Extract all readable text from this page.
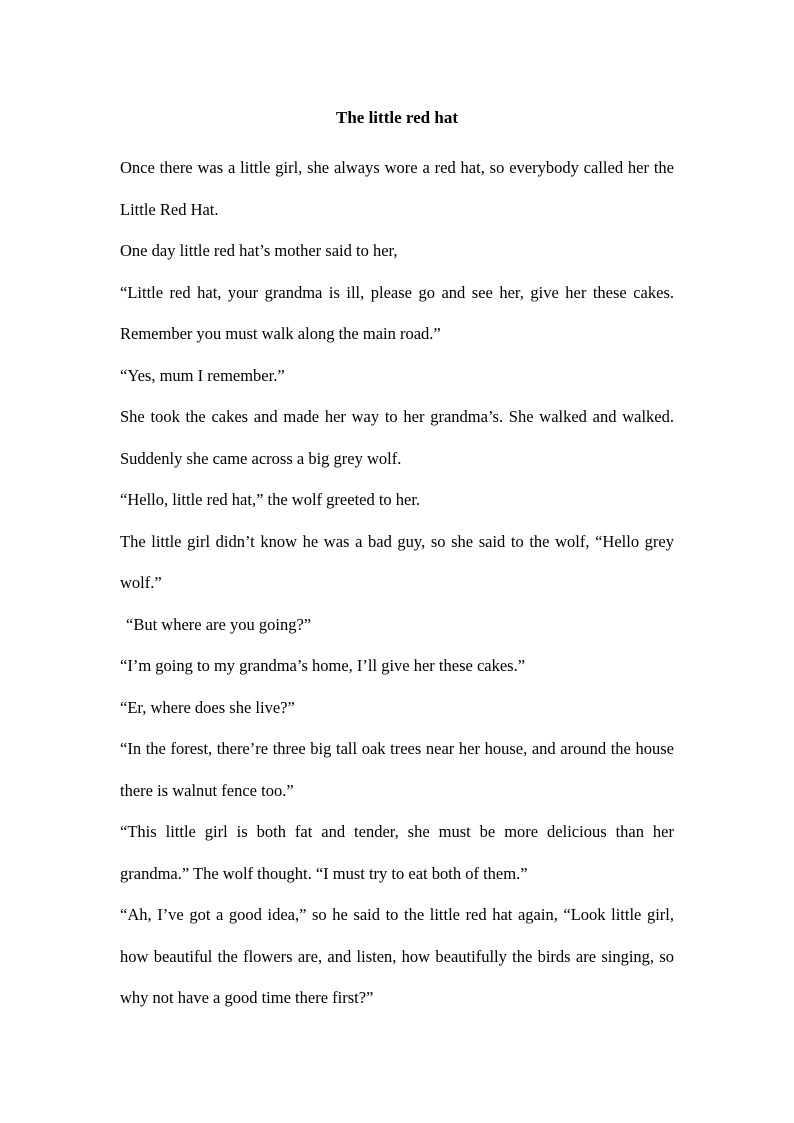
The little red hat

Once there was a little girl, she always wore a red hat, so everybody called her the Little Red Hat.

One day little red hat’s mother said to her,

“Little red hat, your grandma is ill, please go and see her, give her these cakes. Remember you must walk along the main road.”

“Yes, mum I remember.”

She took the cakes and made her way to her grandma’s. She walked and walked. Suddenly she came across a big grey wolf.

“Hello, little red hat,” the wolf greeted to her.

The little girl didn’t know he was a bad guy, so she said to the wolf, “Hello grey wolf.”

“But where are you going?”

“I’m going to my grandma’s home, I’ll give her these cakes.”

“Er, where does she live?”

“In the forest, there’re three big tall oak trees near her house, and around the house there is walnut fence too.”

“This little girl is both fat and tender, she must be more delicious than her grandma.” The wolf thought. “I must try to eat both of them.”

“Ah, I’ve got a good idea,” so he said to the little red hat again, “Look little girl, how beautiful the flowers are, and listen, how beautifully the birds are singing, so why not have a good time there first?”
